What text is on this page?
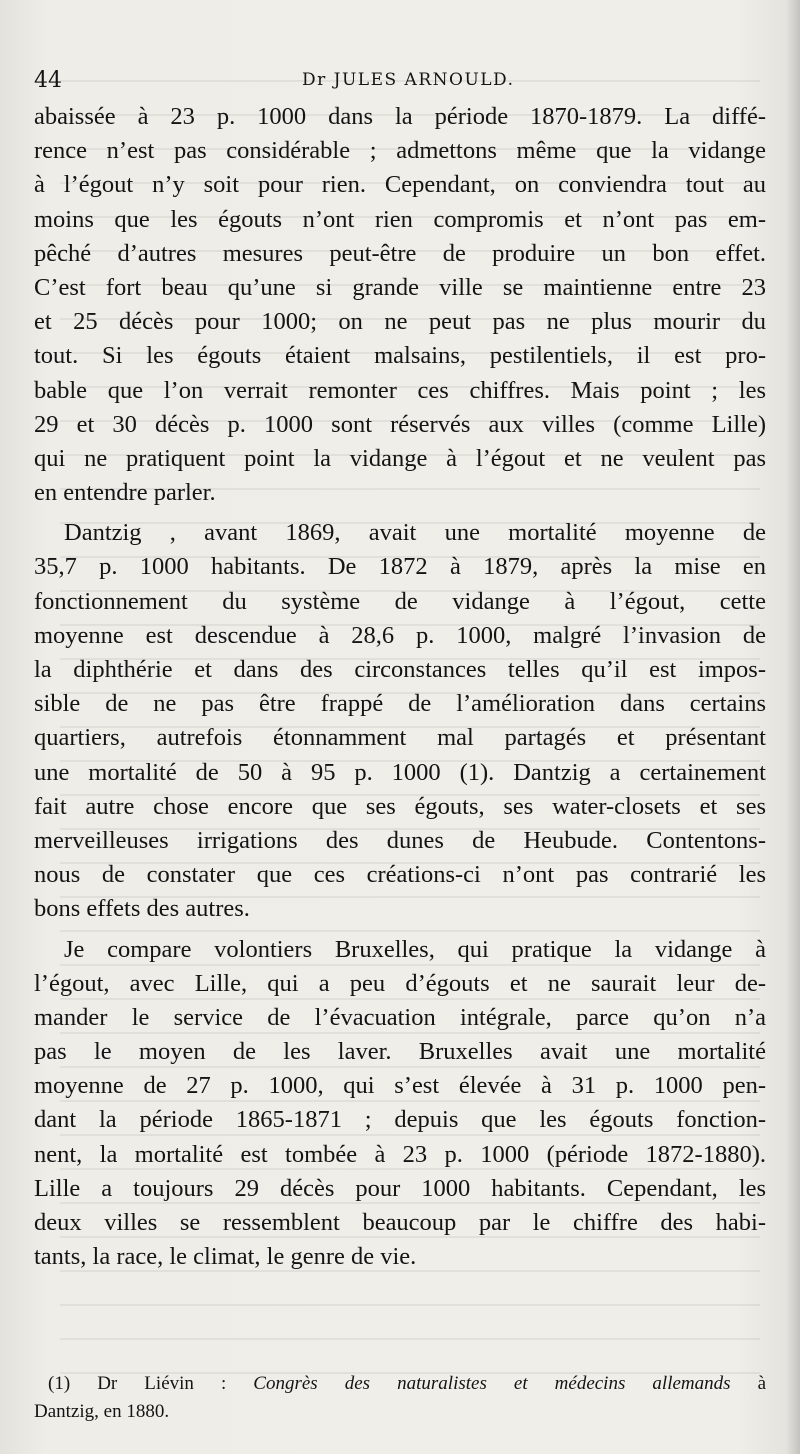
44	Dr JULES ARNOULD.
abaissée à 23 p. 1000 dans la période 1870-1879. La diffé-
rence n’est pas considérable ; admettons même que la vidange
à l’égout n’y soit pour rien. Cependant, on conviendra tout au
moins que les égouts n’ont rien compromis et n’ont pas em-
pêché d’autres mesures peut-être de produire un bon effet.
C’est fort beau qu’une si grande ville se maintienne entre 23
et 25 décès pour 1000; on ne peut pas ne plus mourir du
tout. Si les égouts étaient malsains, pestilentiels, il est pro-
bable que l’on verrait remonter ces chiffres. Mais point ; les
29 et 30 décès p. 1000 sont réservés aux villes (comme Lille)
qui ne pratiquent point la vidange à l’égout et ne veulent pas
en entendre parler.
Dantzig , avant 1869, avait une mortalité moyenne de
35,7 p. 1000 habitants. De 1872 à 1879, après la mise en
fonctionnement du système de vidange à l’égout, cette
moyenne est descendue à 28,6 p. 1000, malgré l’invasion de
la diphthérie et dans des circonstances telles qu’il est impos-
sible de ne pas être frappé de l’amélioration dans certains
quartiers, autrefois étonnamment mal partagés et présentant
une mortalité de 50 à 95 p. 1000 (1). Dantzig a certainement
fait autre chose encore que ses égouts, ses water-closets et ses
merveilleuses irrigations des dunes de Heubude. Contentons-
nous de constater que ces créations-ci n’ont pas contrarié les
bons effets des autres.
Je compare volontiers Bruxelles, qui pratique la vidange à
l’égout, avec Lille, qui a peu d’égouts et ne saurait leur de-
mander le service de l’évacuation intégrale, parce qu’on n’a
pas le moyen de les laver. Bruxelles avait une mortalité
moyenne de 27 p. 1000, qui s’est élevée à 31 p. 1000 pen-
dant la période 1865-1871 ; depuis que les égouts fonction-
nent, la mortalité est tombée à 23 p. 1000 (période 1872-1880).
Lille a toujours 29 décès pour 1000 habitants. Cependant, les
deux villes se ressemblent beaucoup par le chiffre des habi-
tants, la race, le climat, le genre de vie.
(1) Dr Liévin : Congrès des naturalistes et médecins allemands à
Dantzig, en 1880.
